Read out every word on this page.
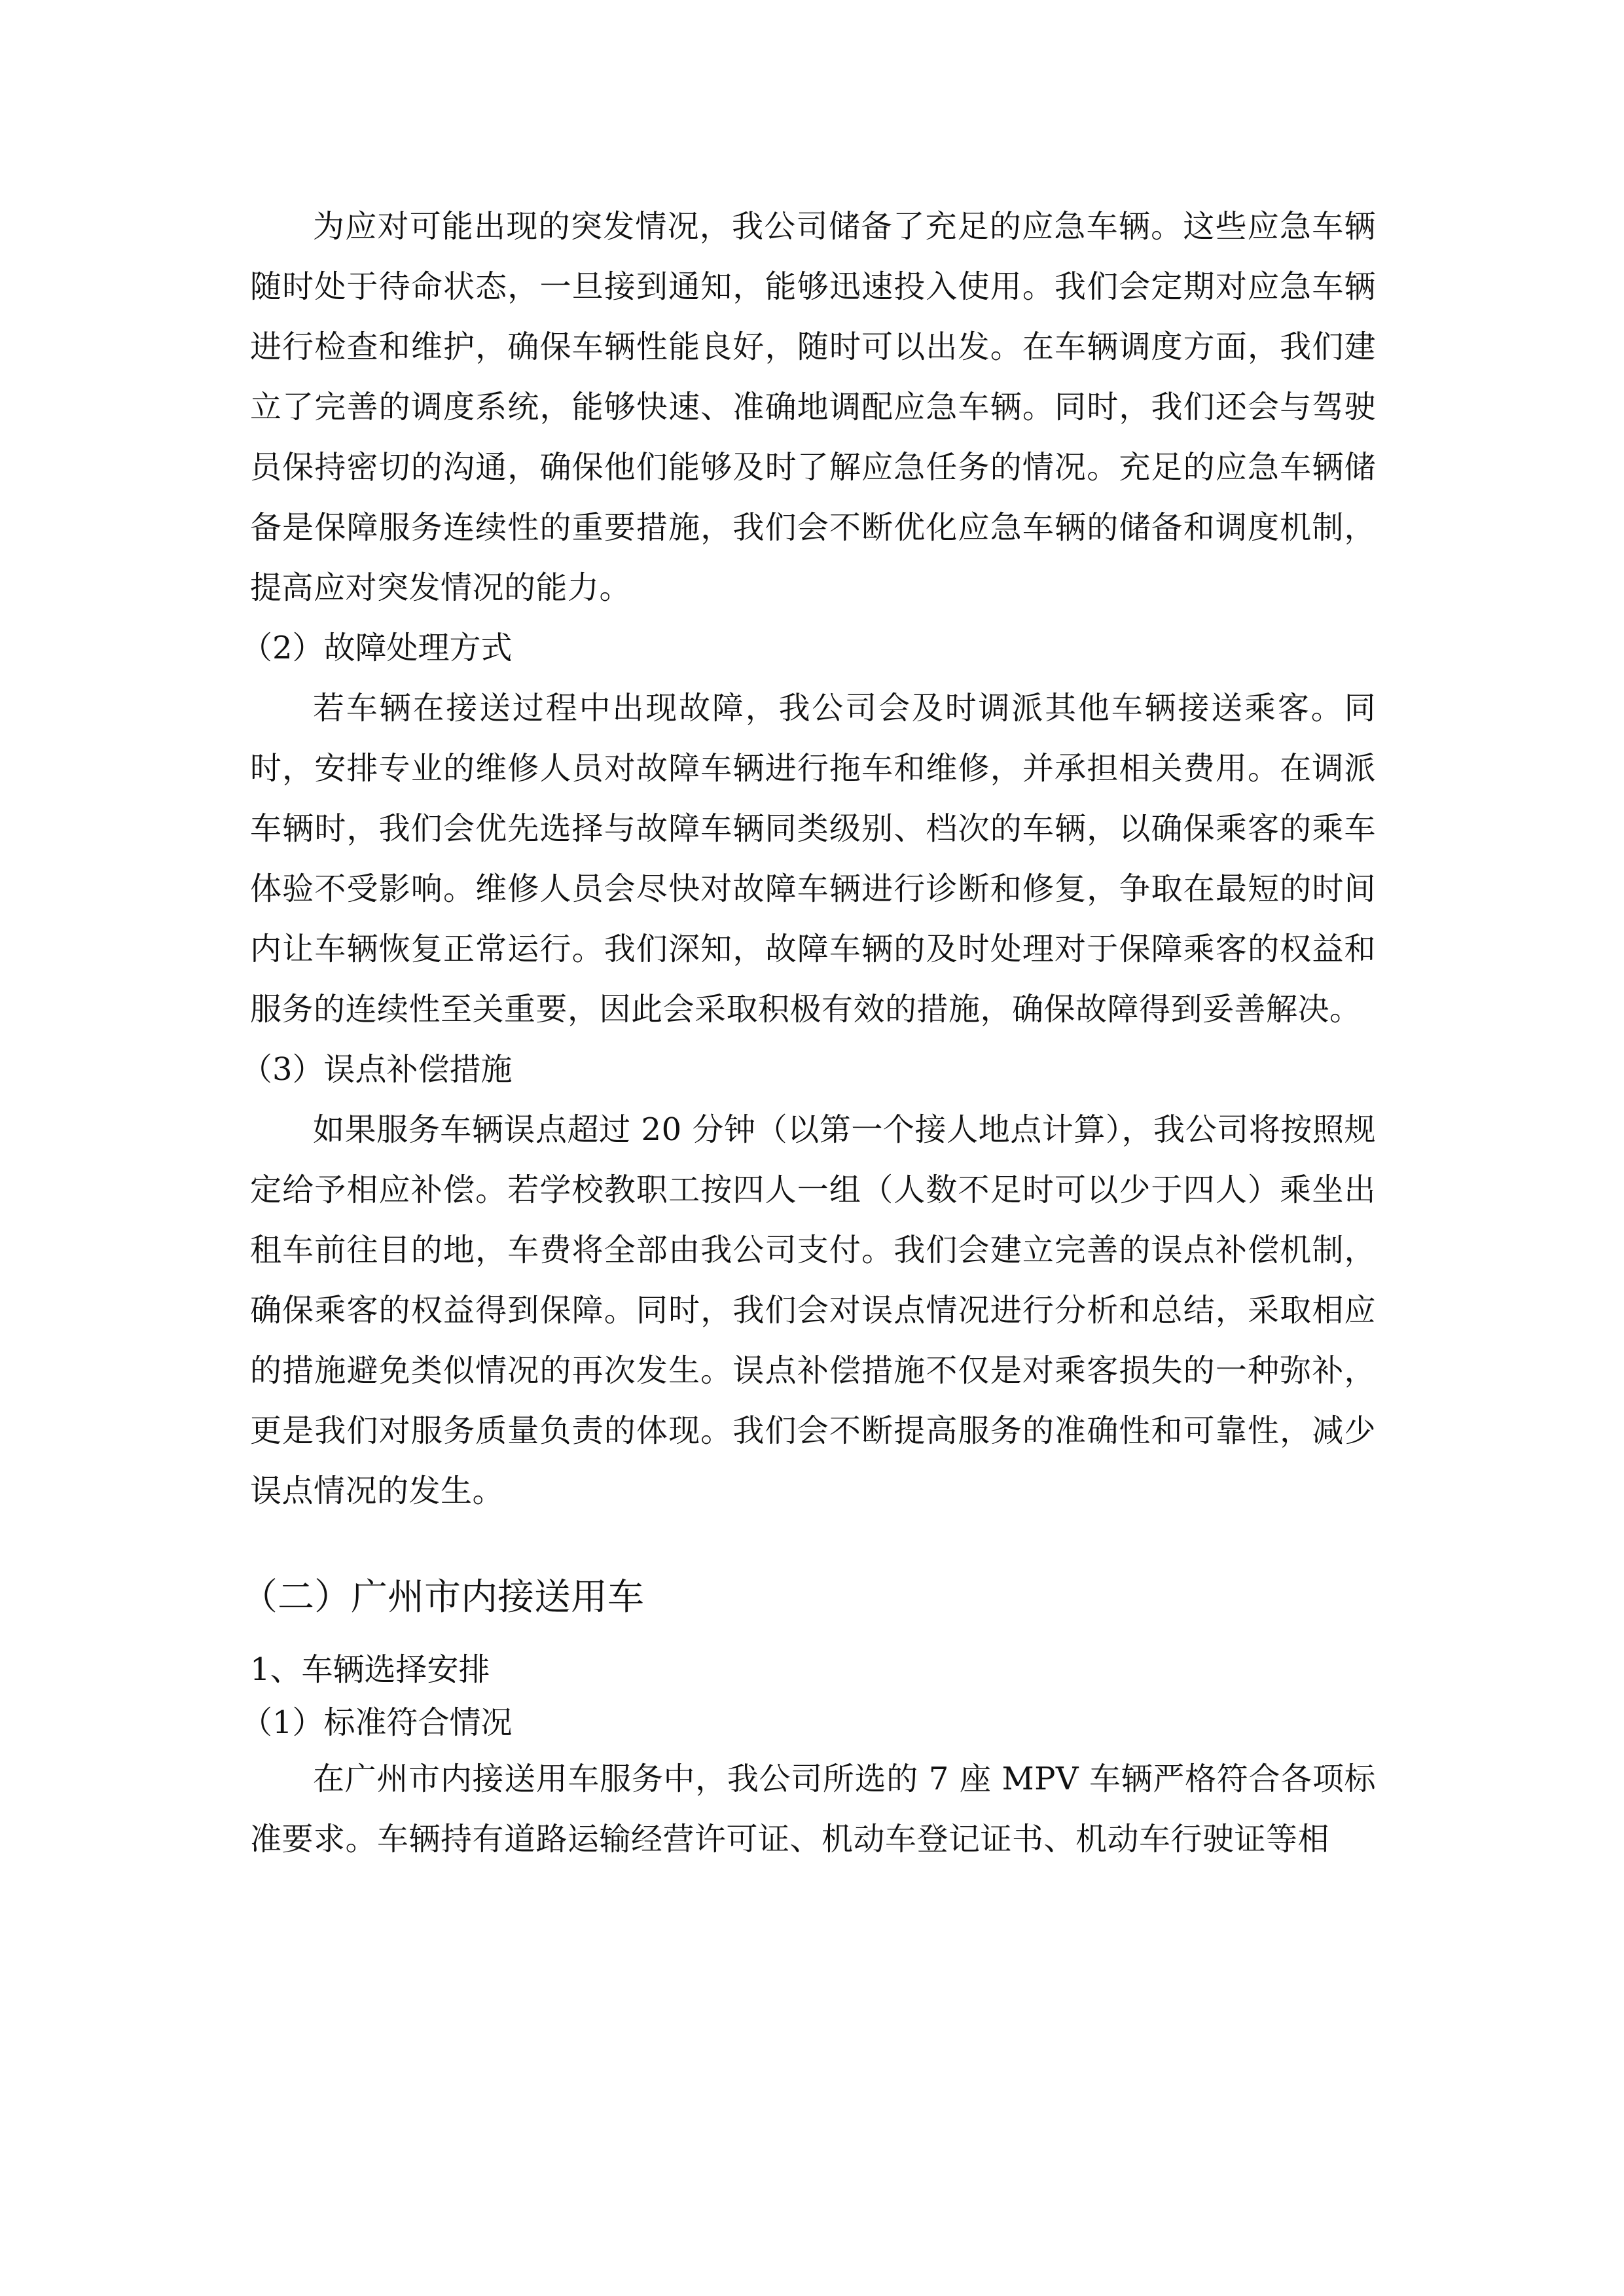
为应对可能出现的突发情况，我公司储备了充足的应急车辆。这些应急车辆随时处于待命状态，一旦接到通知，能够迅速投入使用。我们会定期对应急车辆进行检查和维护，确保车辆性能良好，随时可以出发。在车辆调度方面，我们建立了完善的调度系统，能够快速、准确地调配应急车辆。同时，我们还会与驾驶员保持密切的沟通，确保他们能够及时了解应急任务的情况。充足的应急车辆储备是保障服务连续性的重要措施，我们会不断优化应急车辆的储备和调度机制，提高应对突发情况的能力。

（2）故障处理方式

若车辆在接送过程中出现故障，我公司会及时调派其他车辆接送乘客。同时，安排专业的维修人员对故障车辆进行拖车和维修，并承担相关费用。在调派车辆时，我们会优先选择与故障车辆同类级别、档次的车辆，以确保乘客的乘车体验不受影响。维修人员会尽快对故障车辆进行诊断和修复，争取在最短的时间内让车辆恢复正常运行。我们深知，故障车辆的及时处理对于保障乘客的权益和服务的连续性至关重要，因此会采取积极有效的措施，确保故障得到妥善解决。

（3）误点补偿措施

如果服务车辆误点超过 20 分钟（以第一个接人地点计算），我公司将按照规定给予相应补偿。若学校教职工按四人一组（人数不足时可以少于四人）乘坐出租车前往目的地，车费将全部由我公司支付。我们会建立完善的误点补偿机制，确保乘客的权益得到保障。同时，我们会对误点情况进行分析和总结，采取相应的措施避免类似情况的再次发生。误点补偿措施不仅是对乘客损失的一种弥补，更是我们对服务质量负责的体现。我们会不断提高服务的准确性和可靠性，减少误点情况的发生。

（二）广州市内接送用车

1、车辆选择安排

（1）标准符合情况

在广州市内接送用车服务中，我公司所选的 7 座 MPV 车辆严格符合各项标准要求。车辆持有道路运输经营许可证、机动车登记证书、机动车行驶证等相
